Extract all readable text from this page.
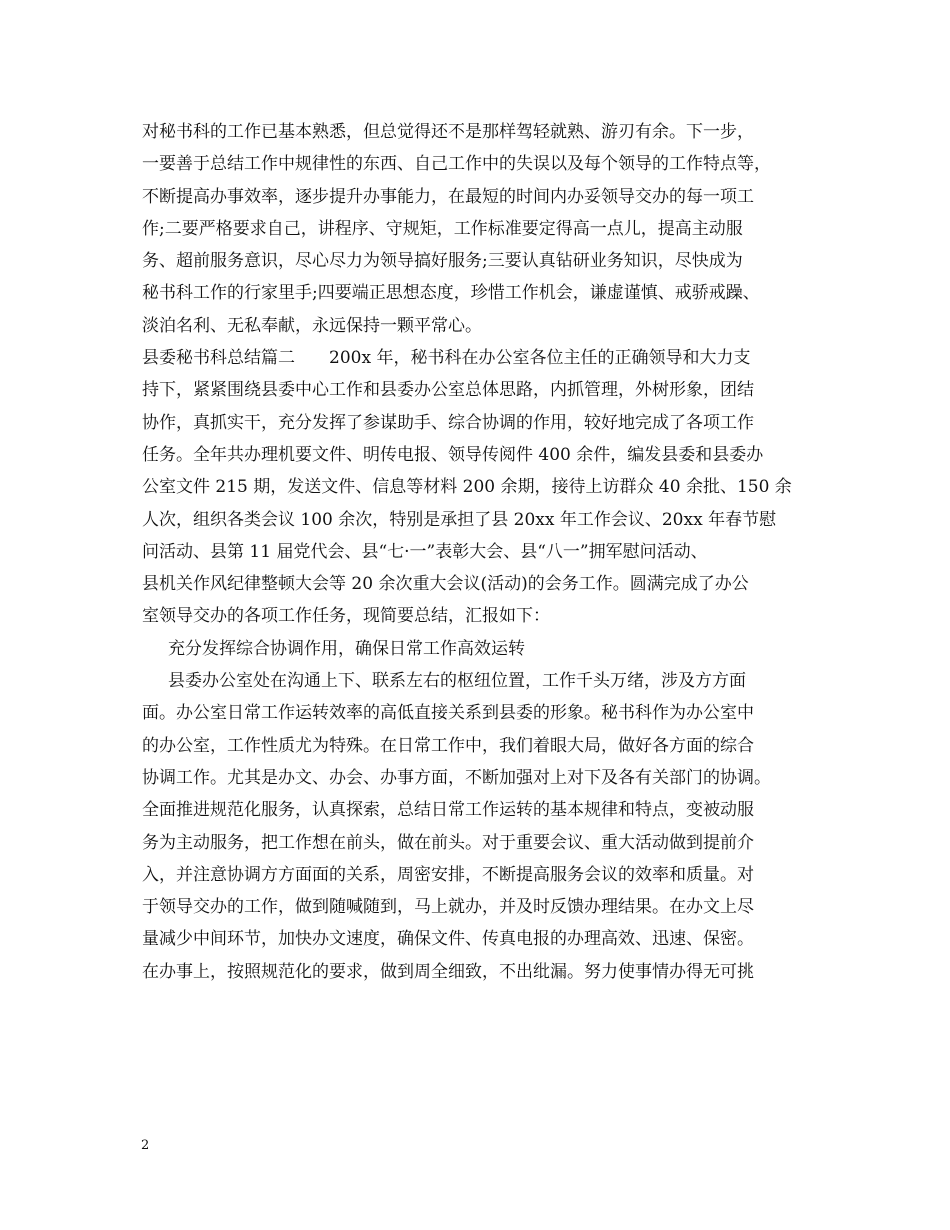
对秘书科的工作已基本熟悉，但总觉得还不是那样驾轻就熟、游刃有余。下一步，
一要善于总结工作中规律性的东西、自己工作中的失误以及每个领导的工作特点等，
不断提高办事效率，逐步提升办事能力，在最短的时间内办妥领导交办的每一项工
作;二要严格要求自己，讲程序、守规矩，工作标准要定得高一点儿，提高主动服
务、超前服务意识，尽心尽力为领导搞好服务;三要认真钻研业务知识，尽快成为
秘书科工作的行家里手;四要端正思想态度，珍惜工作机会，谦虚谨慎、戒骄戒躁、
淡泊名利、无私奉献，永远保持一颗平常心。
县委秘书科总结篇二　　200x 年，秘书科在办公室各位主任的正确领导和大力支
持下，紧紧围绕县委中心工作和县委办公室总体思路，内抓管理，外树形象，团结
协作，真抓实干，充分发挥了参谋助手、综合协调的作用，较好地完成了各项工作
任务。全年共办理机要文件、明传电报、领导传阅件 400 余件，编发县委和县委办
公室文件 215 期，发送文件、信息等材料 200 余期，接待上访群众 40 余批、150 余
人次，组织各类会议 100 余次，特别是承担了县 20xx 年工作会议、20xx 年春节慰
问活动、县第 11 届党代会、县“七·一”表彰大会、县“八一”拥军慰问活动、
县机关作风纪律整顿大会等 20 余次重大会议(活动)的会务工作。圆满完成了办公
室领导交办的各项工作任务，现简要总结，汇报如下：
充分发挥综合协调作用，确保日常工作高效运转
县委办公室处在沟通上下、联系左右的枢纽位置，工作千头万绪，涉及方方面
面。办公室日常工作运转效率的高低直接关系到县委的形象。秘书科作为办公室中
的办公室，工作性质尤为特殊。在日常工作中，我们着眼大局，做好各方面的综合
协调工作。尤其是办文、办会、办事方面，不断加强对上对下及各有关部门的协调。
全面推进规范化服务，认真探索，总结日常工作运转的基本规律和特点，变被动服
务为主动服务，把工作想在前头，做在前头。对于重要会议、重大活动做到提前介
入，并注意协调方方面面的关系，周密安排，不断提高服务会议的效率和质量。对
于领导交办的工作，做到随喊随到，马上就办，并及时反馈办理结果。在办文上尽
量减少中间环节，加快办文速度，确保文件、传真电报的办理高效、迅速、保密。
在办事上，按照规范化的要求，做到周全细致，不出纰漏。努力使事情办得无可挑
2
